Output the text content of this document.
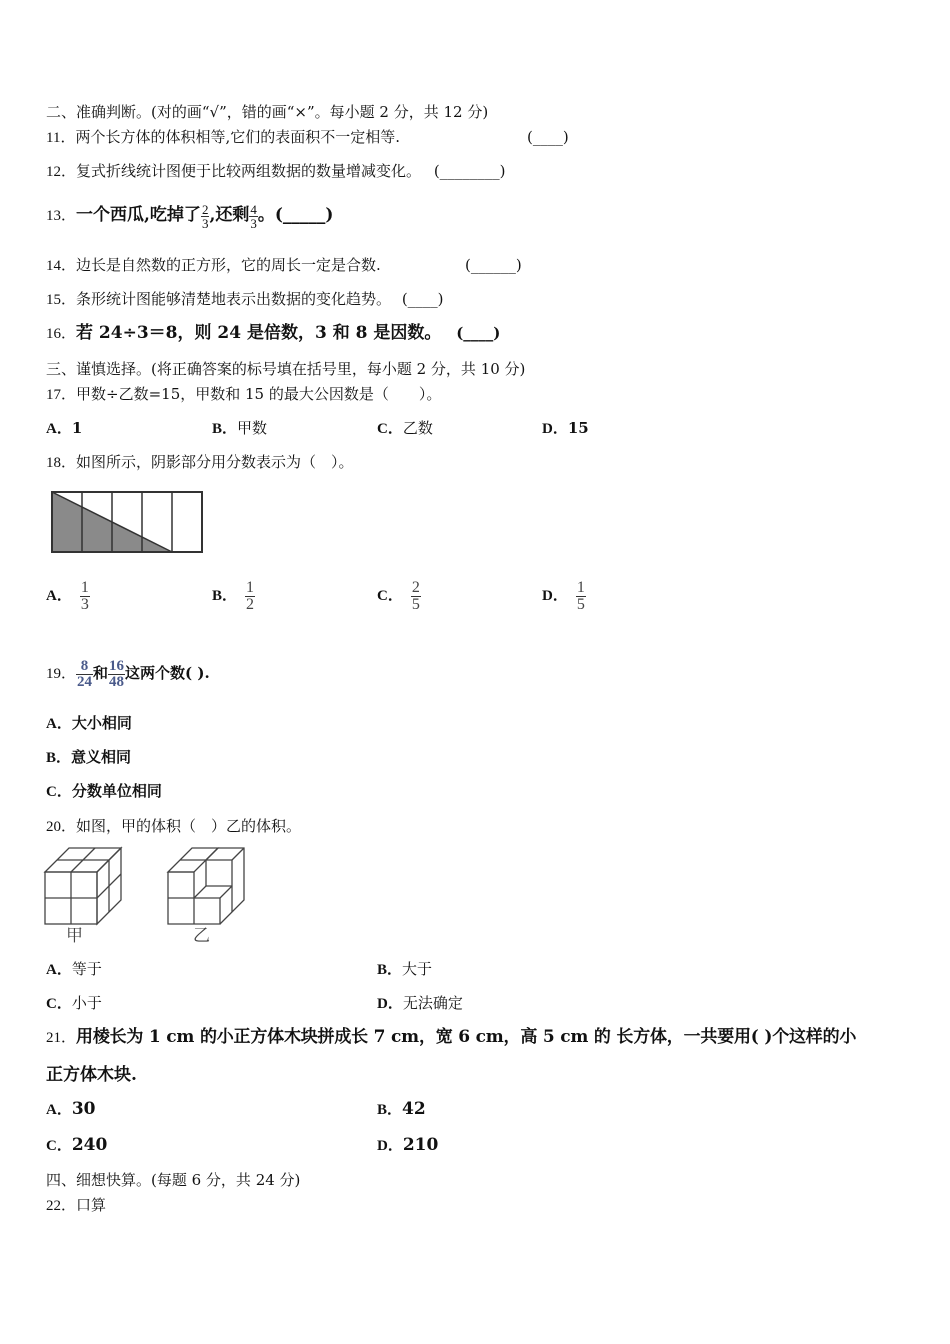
二、准确判断。(对的画“√”，错的画“×”。每小题 2 分，共 12 分)
11．两个长方体的体积相等,它们的表面积不一定相等.	(____)
12．复式折线统计图便于比较两组数据的数量增减变化。 (________)
13．一个西瓜,吃掉了 $\frac{2}{3}$ ,还剩 $\frac{4}{3}$ 。(_____)
14．边长是自然数的正方形，它的周长一定是合数.	(______)
15．条形统计图能够清楚地表示出数据的变化趋势。 (____)
16．若 24÷3＝8，则 24 是倍数，3 和 8 是因数。 (____)
三、谨慎选择。(将正确答案的标号填在括号里，每小题 2 分，共 10 分)
17．甲数÷乙数=15，甲数和 15 的最大公因数是（　　）。
A．1	B．甲数	C．乙数	D．15
18．如图所示，阴影部分用分数表示为（　）。
A． $\frac{1}{3}$	B． $\frac{1}{2}$	C． $\frac{2}{5}$	D． $\frac{1}{5}$
19． $\frac{8}{24}$ 和 $\frac{16}{48}$ 这两个数( ).
A．大小相同
B．意义相同
C．分数单位相同
20．如图，甲的体积（　）乙的体积。
甲	乙
A．等于	B．大于
C．小于	D．无法确定
21．用棱长为 1 cm 的小正方体木块拼成长 7 cm，宽 6 cm，高 5 cm 的 长方体，一共要用( )个这样的小
正方体木块.
A．30	B．42
C．240	D．210
四、细想快算。(每题 6 分，共 24 分)
22．口算
